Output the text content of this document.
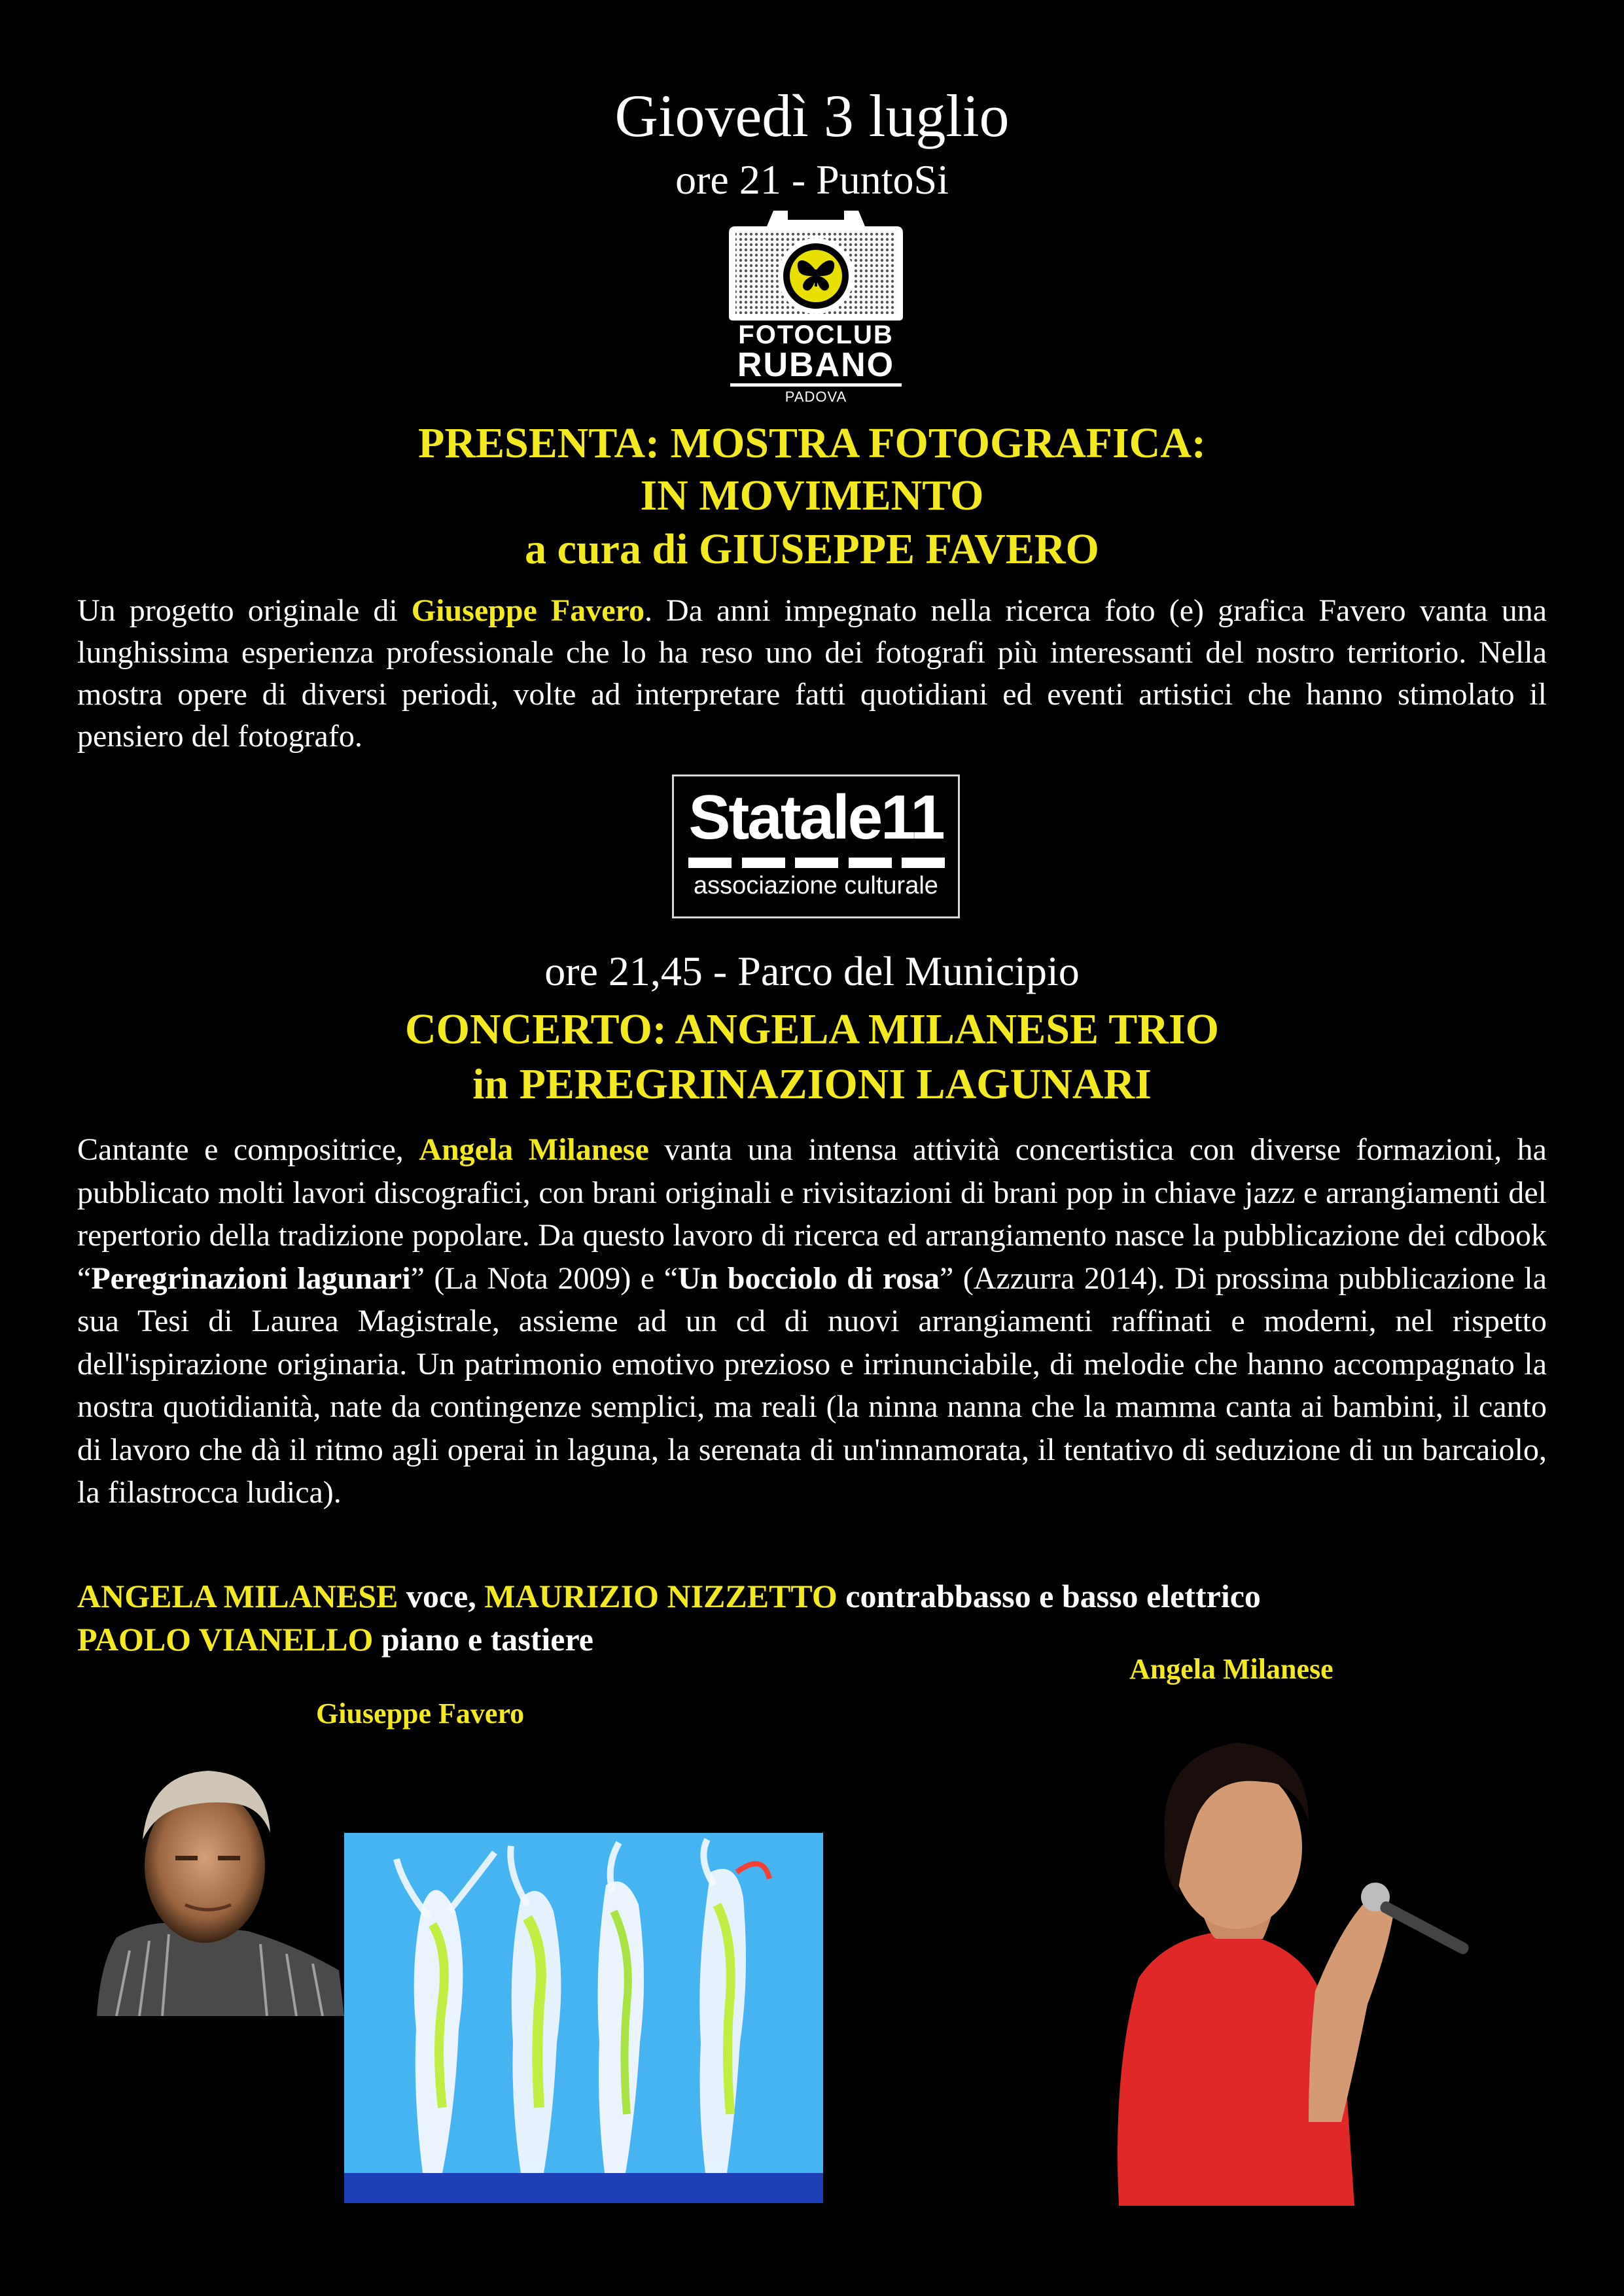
Giovedì 3 luglio
ore 21 - PuntoSi
FOTOCLUB
RUBANO
PADOVA
PRESENTA: MOSTRA FOTOGRAFICA:
IN MOVIMENTO
a cura di GIUSEPPE FAVERO
Un progetto originale di Giuseppe Favero. Da anni impegnato nella ricerca foto (e) grafica Favero vanta una lunghissima esperienza professionale che lo ha reso uno dei fotografi più interessanti del nostro territorio. Nella mostra opere di diversi periodi, volte ad interpretare fatti quotidiani ed eventi artistici che hanno stimolato il pensiero del fotografo.
Statale11
associazione culturale
ore 21,45 - Parco del Municipio
CONCERTO: ANGELA MILANESE TRIO
in PEREGRINAZIONI LAGUNARI
Cantante e compositrice, Angela Milanese vanta una intensa attività concertistica con diverse formazioni, ha pubblicato molti lavori discografici, con brani originali e rivisitazioni di brani pop in chiave jazz e arrangiamenti del repertorio della tradizione popolare. Da questo lavoro di ricerca ed arrangiamento nasce la pubblicazione dei cdbook “Peregrinazioni lagunari” (La Nota 2009) e “Un bocciolo di rosa” (Azzurra 2014). Di prossima pubblicazione la sua Tesi di Laurea Magistrale, assieme ad un cd di nuovi arrangiamenti raffinati e moderni, nel rispetto dell'ispirazione originaria. Un patrimonio emotivo prezioso e irrinunciabile, di melodie che hanno accompagnato la nostra quotidianità, nate da contingenze semplici, ma reali (la ninna nanna che la mamma canta ai bambini, il canto di lavoro che dà il ritmo agli operai in laguna, la serenata di un'innamorata, il tentativo di seduzione di un barcaiolo, la filastrocca ludica).
ANGELA MILANESE voce, MAURIZIO NIZZETTO contrabbasso e basso elettrico
PAOLO VIANELLO piano e tastiere
Giuseppe Favero
Angela Milanese
